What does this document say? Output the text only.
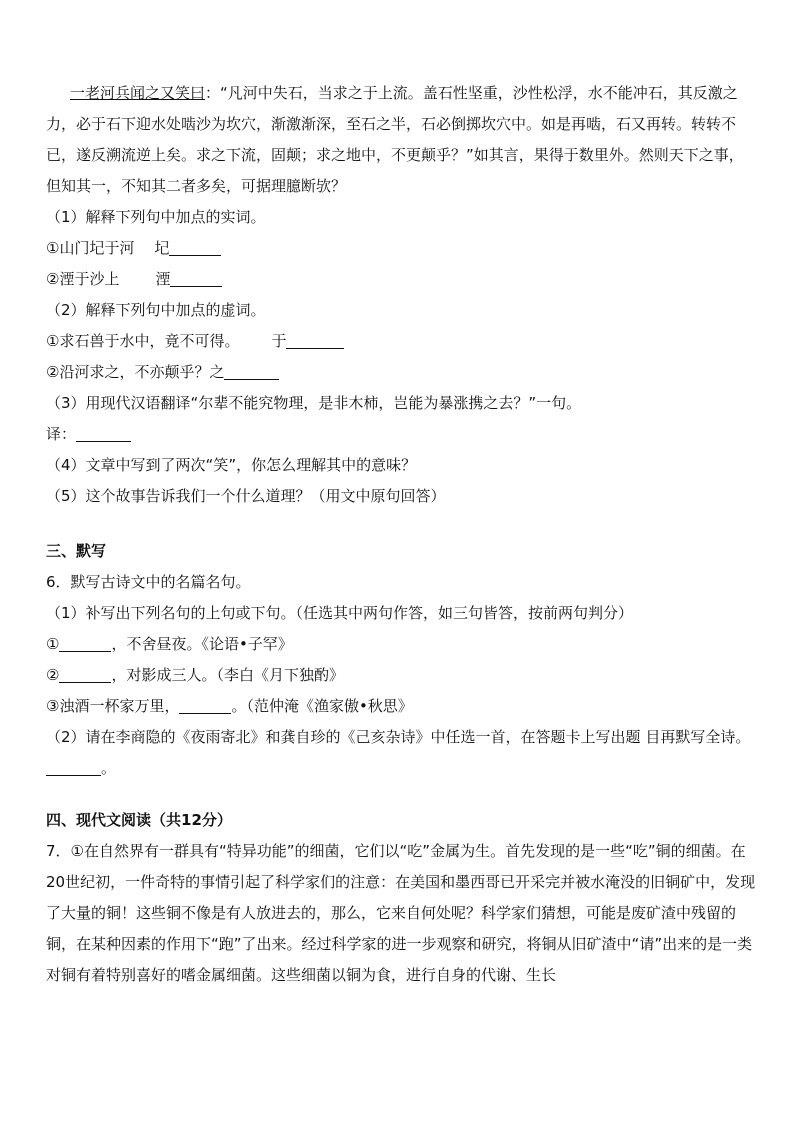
一老河兵闻之又笑曰：“凡河中失石，当求之于上流。盖石性坚重，沙性松浮，水不能冲石，其反激之力，必于石下迎水处啮沙为坎穴，渐激渐深，至石之半，石必倒掷坎穴中。如是再啮，石又再转。转转不已，遂反溯流逆上矣。求之下流，固颠；求之地中，不更颠乎？”如其言，果得于数里外。然则天下之事，但知其一，不知其二者多矣，可据理臆断欤？

（1）解释下列句中加点的实词。

①山门圮于河 圮

②湮于沙上 湮

（2）解释下列句中加点的虚词。

①求石兽于水中，竟不可得。 于

②沿河求之，不亦颠乎？之

（3）用现代汉语翻译“尔辈不能究物理，是非木柿，岂能为暴涨携之去？”一句。

译：

（4）文章中写到了两次“笑”，你怎么理解其中的意味？

（5）这个故事告诉我们一个什么道理？（用文中原句回答）

三、默写

6．默写古诗文中的名篇名句。

（1）补写出下列名句的上句或下句。（任选其中两句作答，如三句皆答，按前两句判分）

①	，不舍昼夜。《论语•子罕》

②	，对影成三人。（李白《月下独酌》

③浊酒一杯家万里，	。（范仲淹《渔家傲•秋思》

（2）请在李商隐的《夜雨寄北》和龚自珍的《己亥杂诗》中任选一首，在答题卡上写出题 目再默写全诗。

。

四、现代文阅读（共12分）

7．①在自然界有一群具有“特异功能”的细菌，它们以“吃”金属为生。首先发现的是一些“吃”铜的细菌。在20世纪初，一件奇特的事情引起了科学家们的注意：在美国和墨西哥已开采完并被水淹没的旧铜矿中，发现了大量的铜！这些铜不像是有人放进去的，那么，它来自何处呢？科学家们猜想，可能是废矿渣中残留的铜，在某种因素的作用下“跑”了出来。经过科学家的进一步观察和研究，将铜从旧矿渣中“请”出来的是一类对铜有着特别喜好的嗜金属细菌。这些细菌以铜为食，进行自身的代谢、生长
